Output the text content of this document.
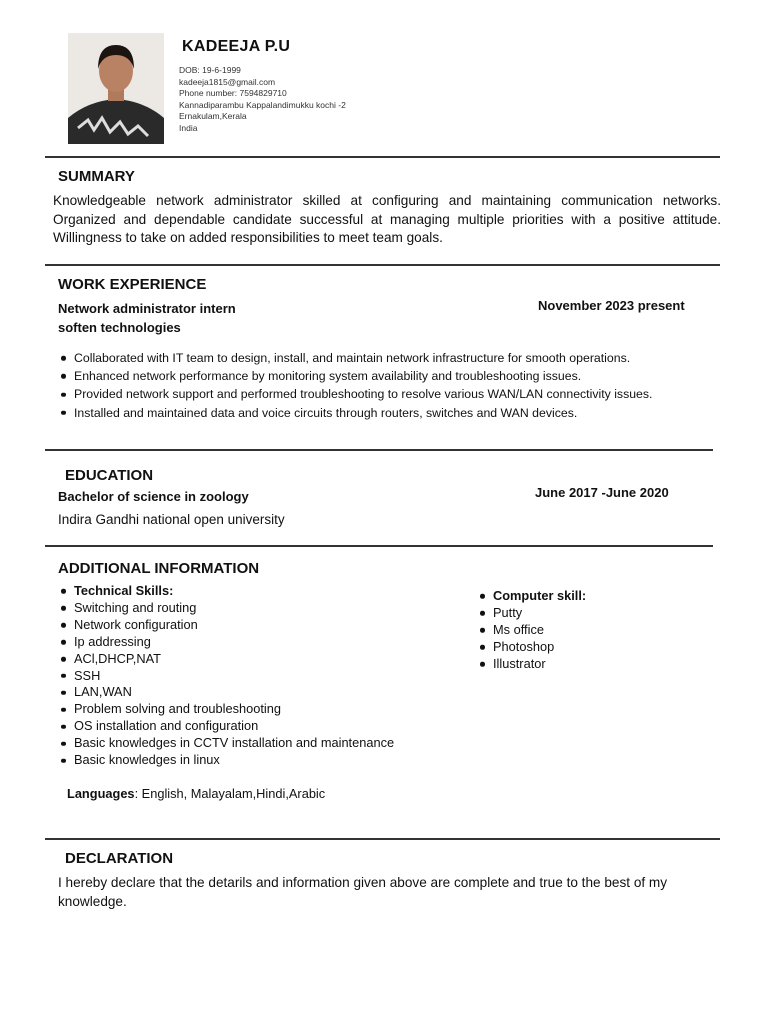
KADEEJA P.U
DOB: 19-6-1999
kadeeja1815@gmail.com
Phone number: 7594829710
Kannadiparambu Kappalandimukku kochi -2
Ernakulam,Kerala
India
SUMMARY
Knowledgeable network administrator skilled at configuring and maintaining communication networks. Organized and dependable candidate successful at managing multiple priorities with a positive attitude. Willingness to take on added responsibilities to meet team goals.
WORK EXPERIENCE
Network administrator intern
soften technologies
November 2023 present
Collaborated with IT team to design, install, and maintain network infrastructure for smooth operations.
Enhanced network performance by monitoring system availability and troubleshooting issues.
Provided network support and performed troubleshooting to resolve various WAN/LAN connectivity issues.
Installed and maintained data and voice circuits through routers, switches and WAN devices.
EDUCATION
Bachelor of science in zoology	June 2017 -June 2020
Indira Gandhi national open university
ADDITIONAL INFORMATION
Technical Skills:
Switching and routing
Network configuration
Ip addressing
ACl,DHCP,NAT
SSH
LAN,WAN
Problem solving and troubleshooting
OS installation and configuration
Basic knowledges in CCTV installation and maintenance
Basic knowledges in linux
Computer skill:
Putty
Ms office
Photoshop
Illustrator
Languages: English, Malayalam,Hindi,Arabic
DECLARATION
I hereby declare that the detarils and information given above are complete and true to the best of my knowledge.
